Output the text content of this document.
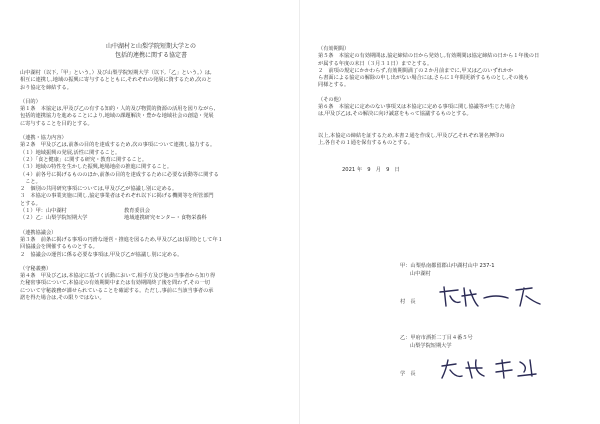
山中湖村と山梨学院短期大学との

包括的連携に関する協定書

山中湖村（以下,「甲」という。）及び山梨学院短期大学（以下,「乙」という。）は,

相互に連携し,地域の振興に寄与するとともに,それぞれの発展に資するため,次のと

おり協定を締結する。

（目的）

第１条　本協定は,甲及び乙の有する知的・人的及び物質的資源の活用を図りながら,

包括的連携協力を進めることにより,地域の課題解決・豊かな地域社会の創造・発展

に寄与することを目的とする。

（連携・協力内容）

第２条　甲及び乙は,前条の目的を達成するため,次の事項について連携し協力する。

（１）地域振興の発展,活性に関すること。

（２）「食と健康」に関する研究・教育に関すること。

（３）地域の特性を生かした振興,地場地産の推進に関すること。

（４）前各号に掲げるもののほか,前条の目的を達成するために必要な活動等に関する

　こと。

２　個別の共同研究事項については,甲及び乙が協議し別に定める。

３　本協定の事業実施に関し,協定事業者はそれぞれ以下に掲げる機関等を所管部門

とする。

（１）甲：山中湖村	教育委員会

（２）乙：山梨学院短期大学	地域連携研究センター・食物栄養科

（連携協議会）

第３条　前条に掲げる事項の円滑な運営・推進を図るため,甲及び乙は(原則)として年１

回協議会を開催するものとする。

２　協議会の運営に係る必要な事項は,甲及び乙が協議し別に定める。

（守秘義務）

第４条　甲及び乙は,本協定に基づく活動において,相手方及び他の当事者から知り得

た秘密事項について,本協定の有効期間中または有効期間終了後を問わず,その一切

について守秘義務が課せられていることを確認する。ただし,事前に当該当事者の承

諾を得た場合は,その限りではない。

（有効期間）

第５条　本協定の有効期間は,協定締結の日から発効し,有効期間は協定締結の日から１年後の日

が属する年度の末日（３月３１日）までとする。

２　前項の規定にかかわらず,有効期間満了の２か月前までに,甲又は乙のいずれかか

ら書面による協定の解除の申し出がない場合には,さらに１年間更新するものとし,その後も

同様とする。

（その他）

第６条　本協定に定めのない事項又は本協定に定める事項に関し協議等が生じた場合

は,甲及び乙は,その解決に向け誠意をもって協議するものとする。

以上,本協定の締結を証するため,本書２通を作成し,甲及び乙それぞれ署名押印の

上,各自その１通を保有するものとする。

2021 年　9　月　9　日

甲：山梨県南都留郡山中湖村山中 237-1

山中湖村

村　長

乙：甲府市酒折二丁目４番５号

山梨学院短期大学

学　長
